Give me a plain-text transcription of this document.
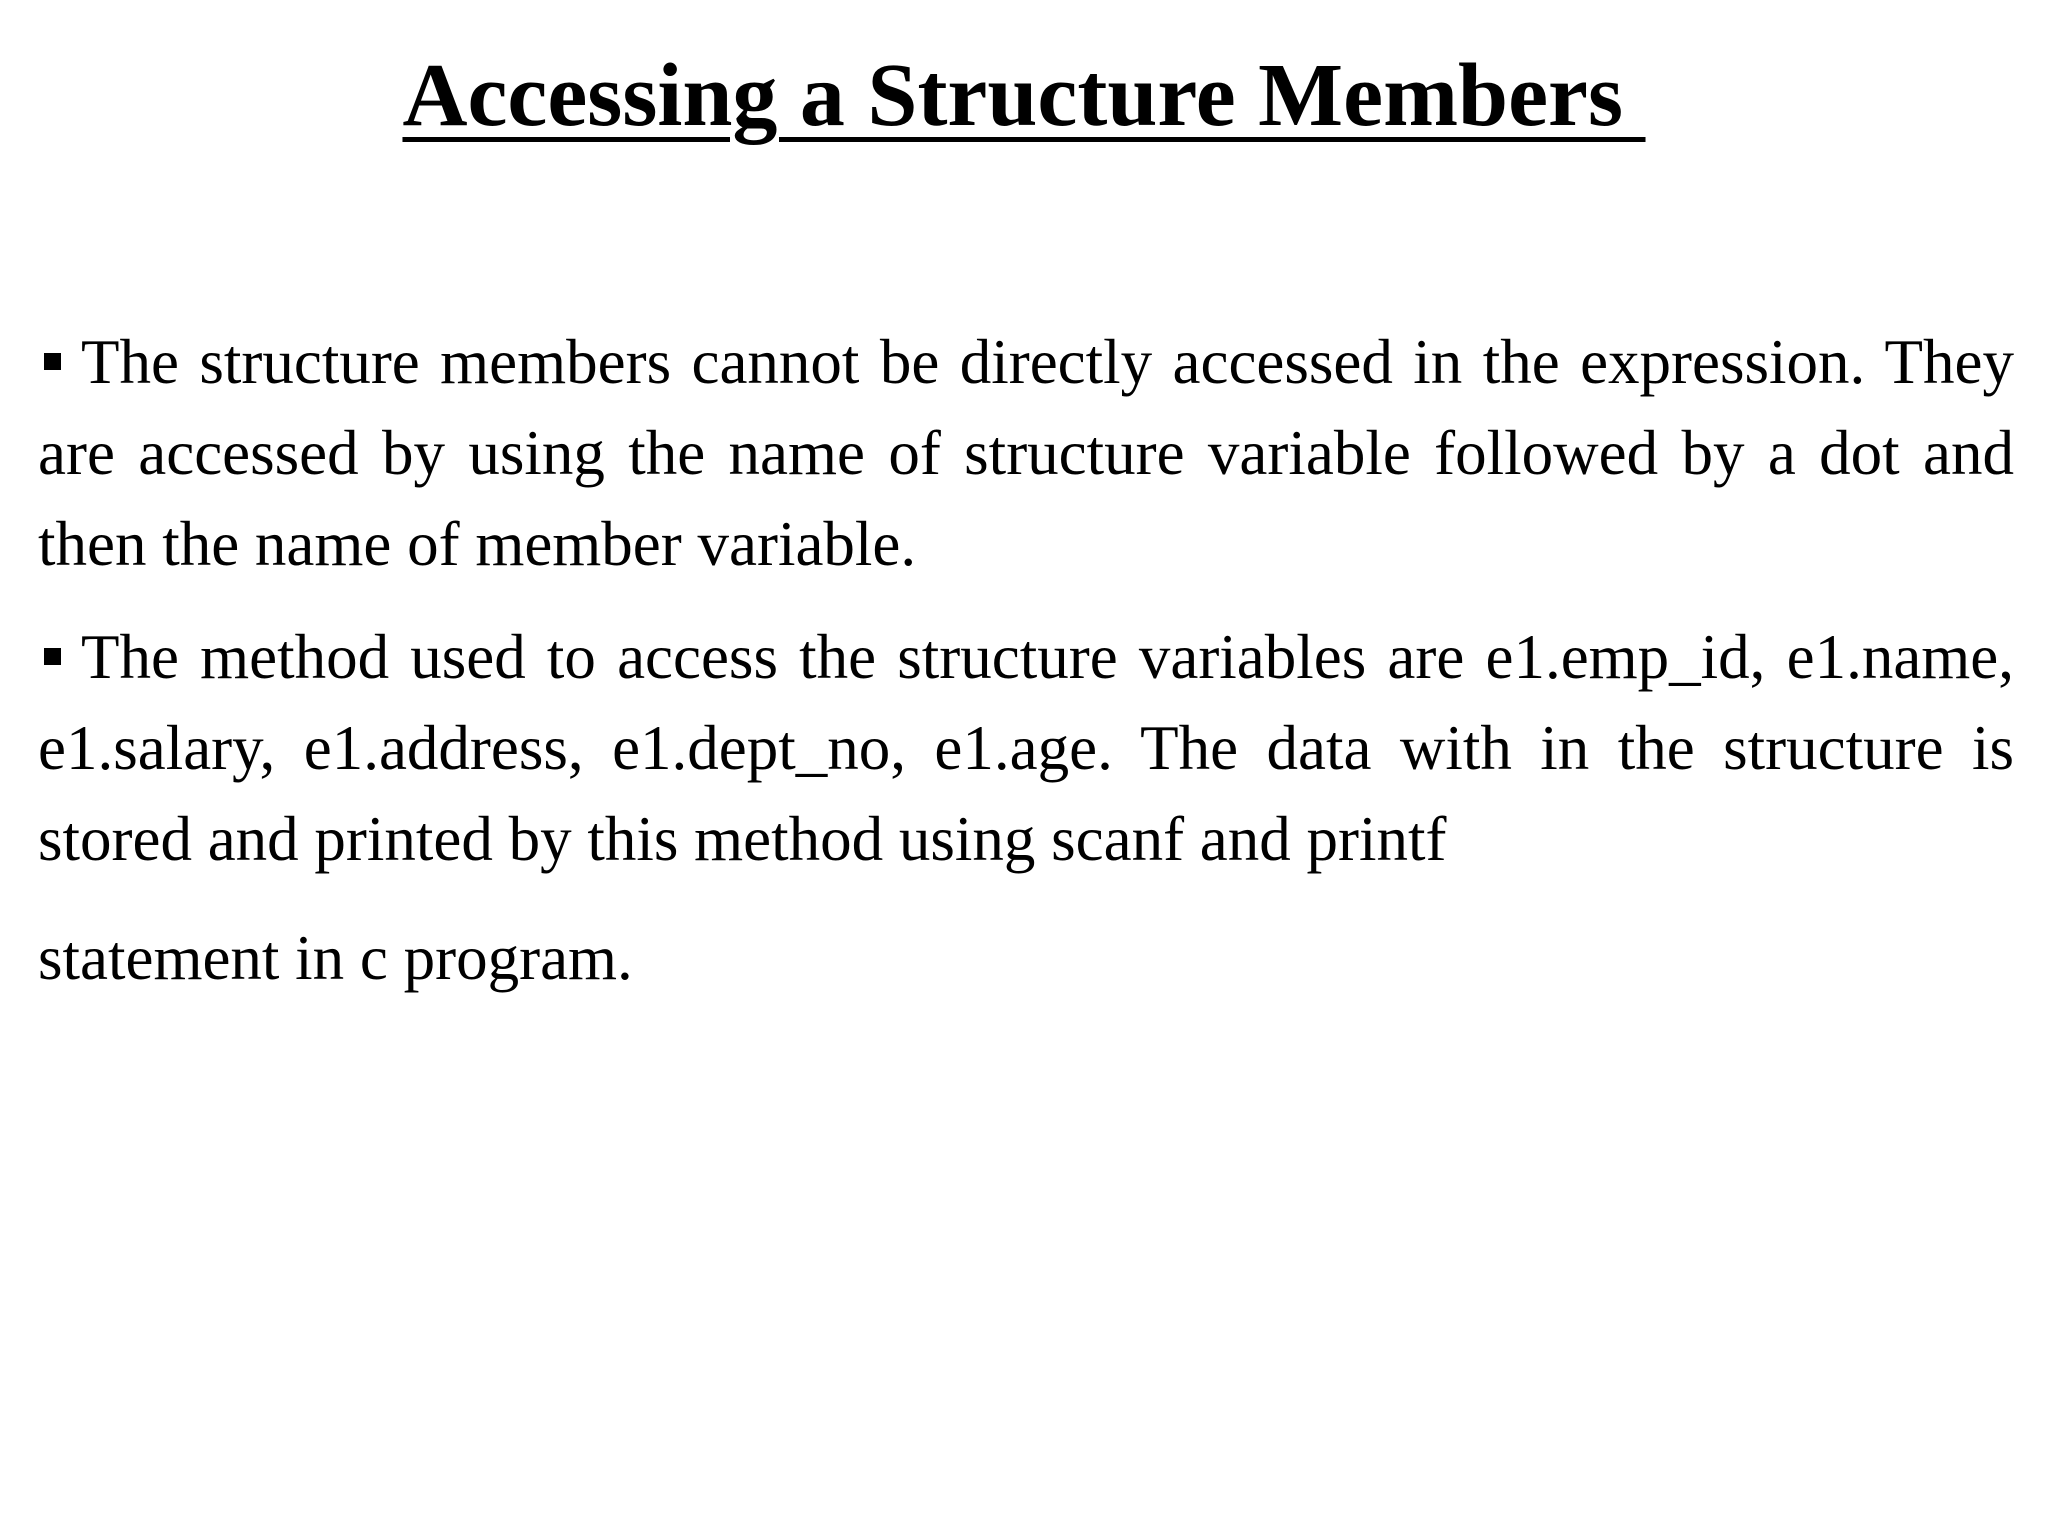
Accessing a Structure Members

The structure members cannot be directly accessed in the expression. They are accessed by using the name of structure variable followed by a dot and then the name of member variable.

The method used to access the structure variables are e1.emp_id, e1.name, e1.salary, e1.address, e1.dept_no, e1.age. The data with in the structure is stored and printed by this method using scanf and printf
statement in c program.
